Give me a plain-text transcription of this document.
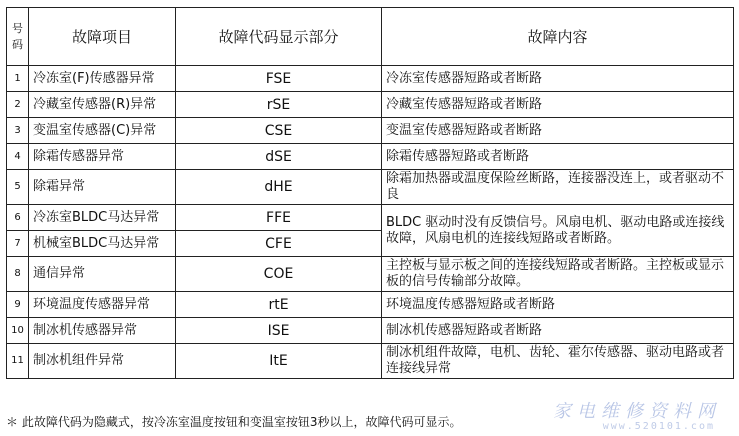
号码	故障项目	故障代码显示部分	故障内容
1	冷冻室(F)传感器异常	FSE	冷冻室传感器短路或者断路
2	冷藏室传感器(R)异常	rSE	冷藏室传感器短路或者断路
3	变温室传感器(C)异常	CSE	变温室传感器短路或者断路
4	除霜传感器异常	dSE	除霜传感器短路或者断路
5	除霜异常	dHE	除霜加热器或温度保险丝断路，连接器没连上，或者驱动不良
6	冷冻室BLDC马达异常	FFE	BLDC 驱动时没有反馈信号。风扇电机、驱动电路或连接线故障，风扇电机的连接线短路或者断路。
7	机械室BLDC马达异常	CFE	
8	通信异常	COE	主控板与显示板之间的连接线短路或者断路。主控板或显示板的信号传输部分故障。
9	环境温度传感器异常	rtE	环境温度传感器短路或者断路
10	制冰机传感器异常	ISE	制冰机传感器短路或者断路
11	制冰机组件异常	ItE	制冰机组件故障，电机、齿轮、霍尔传感器、驱动电路或者连接线异常
＊ 此故障代码为隐藏式，按冷冻室温度按钮和变温室按钮3秒以上，故障代码可显示。	家电维修资料网
www.520101.com
